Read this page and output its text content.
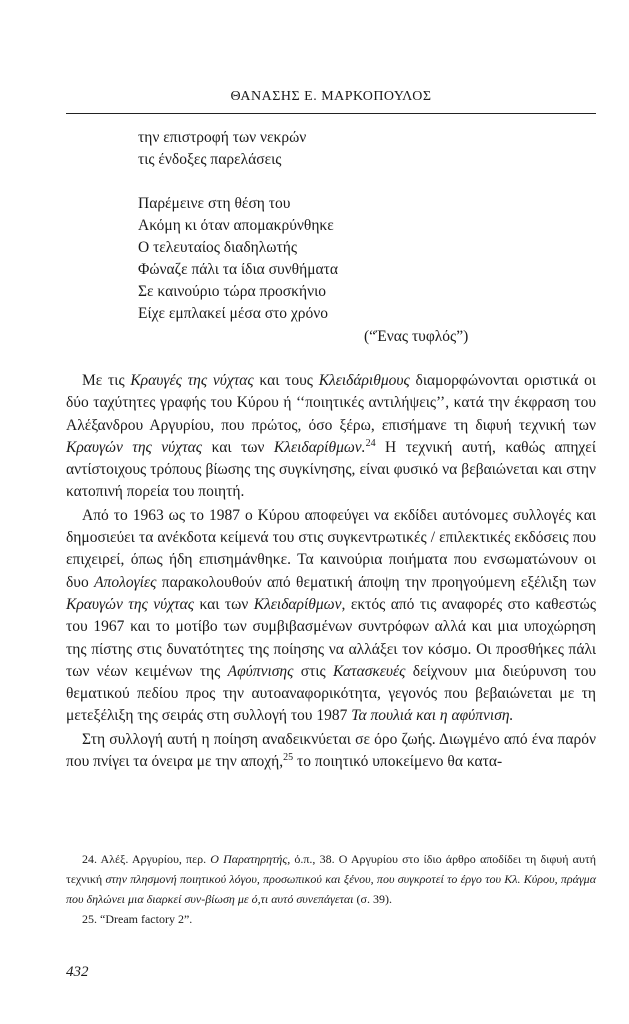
ΘΑΝΑΣΗΣ Ε. ΜΑΡΚΟΠΟΥΛΟΣ
την επιστροφή των νεκρών
τις ένδοξες παρελάσεις
Παρέμεινε στη θέση του
Ακόμη κι όταν απομακρύνθηκε
Ο τελευταίος διαδηλωτής
Φώναζε πάλι τα ίδια συνθήματα
Σε καινούριο τώρα προσκήνιο
Είχε εμπλακεί μέσα στο χρόνο
(“Ένας τυφλός”)

Με τις Κραυγές της νύχτας και τους Κλειδάριθμους διαμορφώνονται οριστικά οι δύο ταχύτητες γραφής του Κύρου ή ‘‘ποιητικές αντιλήψεις’’, κατά την έκφραση του Αλέξανδρου Αργυρίου, που πρώτος, όσο ξέρω, επισήμανε τη διφυή τεχνική των Κραυγών της νύχτας και των Κλειδαρίθμων.$^{24}$ Η τεχνική αυτή, καθώς απηχεί αντίστοιχους τρόπους βίωσης της συγκίνησης, είναι φυσικό να βεβαιώνεται και στην κατοπινή πορεία του ποιητή.

Από το 1963 ως το 1987 ο Κύρου αποφεύγει να εκδίδει αυτόνομες συλλογές και δημοσιεύει τα ανέκδοτα κείμενά του στις συγκεντρωτικές / επιλεκτικές εκδόσεις που επιχειρεί, όπως ήδη επισημάνθηκε. Τα καινούρια ποιήματα που ενσωματώνουν οι δυο Απολογίες παρακολουθούν από θεματική άποψη την προηγούμενη εξέλιξη των Κραυγών της νύχτας και των Κλειδαρίθμων, εκτός από τις αναφορές στο καθεστώς του 1967 και το μοτίβο των συμβιβασμένων συντρόφων αλλά και μια υποχώρηση της πίστης στις δυνατότητες της ποίησης να αλλάξει τον κόσμο. Οι προσθήκες πάλι των νέων κειμένων της Αφύπνισης στις Κατασκευές δείχνουν μια διεύρυνση του θεματικού πεδίου προς την αυτοαναφορικότητα, γεγονός που βεβαιώνεται με τη μετεξέλιξη της σειράς στη συλλογή του 1987 Τα πουλιά και η αφύπνιση.

Στη συλλογή αυτή η ποίηση αναδεικνύεται σε όρο ζωής. Διωγμένο από ένα παρόν που πνίγει τα όνειρα με την αποχή,$^{25}$ το ποιητικό υποκείμενο θα κατα-

24. Αλέξ. Αργυρίου, περ. Ο Παρατηρητής, ό.π., 38. Ο Αργυρίου στο ίδιο άρθρο αποδίδει τη διφυή αυτή τεχνική στην πλησμονή ποιητικού λόγου, προσωπικού και ξένου, που συγκροτεί το έργο του Κλ. Κύρου, πράγμα που δηλώνει μια διαρκεί συν-βίωση με ό,τι αυτό συνεπάγεται (σ. 39).

25. “Dream factory 2”.

432
